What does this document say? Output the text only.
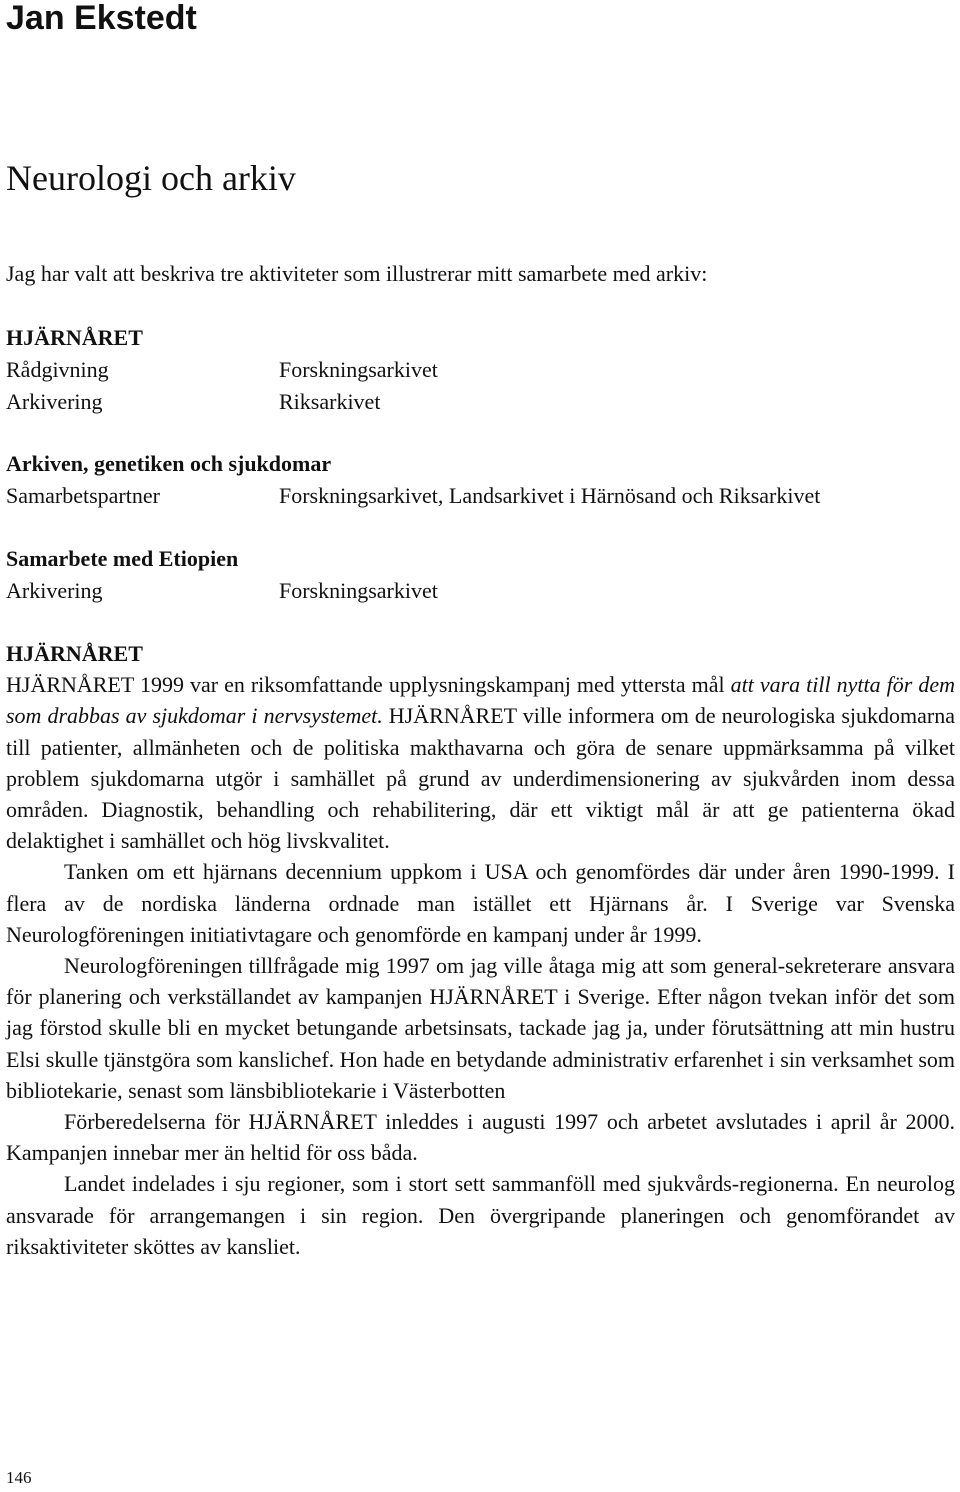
Jan Ekstedt
Neurologi och arkiv

Jag har valt att beskriva tre aktiviteter som illustrerar mitt samarbete med arkiv:

HJÄRNÅRET

Rådgivning	Forskningsarkivet
Arkivering	Riksarkivet

Arkiven, genetiken och sjukdomar

Samarbetspartner	Forskningsarkivet, Landsarkivet i Härnösand och Riksarkivet

Samarbete med Etiopien

Arkivering	Forskningsarkivet

HJÄRNÅRET

HJÄRNÅRET 1999 var en riksomfattande upplysningskampanj med yttersta mål att vara till nytta för dem som drabbas av sjukdomar i nervsystemet. HJÄRNÅRET ville informera om de neurologiska sjukdomarna till patienter, allmänheten och de politiska makthavarna och göra de senare uppmärksamma på vilket problem sjukdomarna utgör i samhället på grund av underdimensionering av sjukvården inom dessa områden. Diagnostik, behandling och rehabilitering, där ett viktigt mål är att ge patienterna ökad delaktighet i samhället och hög livskvalitet.

Tanken om ett hjärnans decennium uppkom i USA och genomfördes där under åren 1990-1999. I flera av de nordiska länderna ordnade man istället ett Hjärnans år. I Sverige var Svenska Neurologföreningen initiativtagare och genomförde en kampanj under år 1999.

Neurologföreningen tillfrågade mig 1997 om jag ville åtaga mig att som general-sekreterare ansvara för planering och verkställandet av kampanjen HJÄRNÅRET i Sverige. Efter någon tvekan inför det som jag förstod skulle bli en mycket betungande arbetsinsats, tackade jag ja, under förutsättning att min hustru Elsi skulle tjänstgöra som kanslichef. Hon hade en betydande administrativ erfarenhet i sin verksamhet som bibliotekarie, senast som länsbibliotekarie i Västerbotten

Förberedelserna för HJÄRNÅRET inleddes i augusti 1997 och arbetet avslutades i april år 2000. Kampanjen innebar mer än heltid för oss båda.

Landet indelades i sju regioner, som i stort sett sammanföll med sjukvårds-regionerna. En neurolog ansvarade för arrangemangen i sin region. Den övergripande planeringen och genomförandet av riksaktiviteter sköttes av kansliet.

146
